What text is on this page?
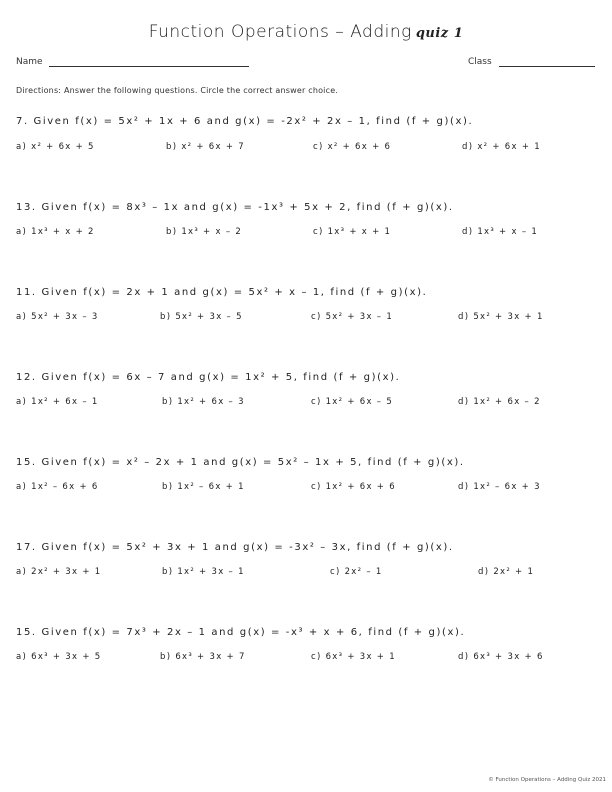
Function Operations – Adding quiz 1
Name	Class
Directions: Answer the following questions. Circle the correct answer choice.
7. Given f(x) = 5x² + 1x + 6 and g(x) = -2x² + 2x – 1, find (f + g)(x).
a) x² + 6x + 5	b) x² + 6x + 7	c) x² + 6x + 6	d) x² + 6x + 1
13. Given f(x) = 8x³ – 1x and g(x) = -1x³ + 5x + 2, find (f + g)(x).
a) 1x³ + x + 2	b) 1x³ + x – 2	c) 1x³ + x + 1	d) 1x³ + x – 1
11. Given f(x) = 2x + 1 and g(x) = 5x² + x – 1, find (f + g)(x).
a) 5x² + 3x – 3	b) 5x² + 3x – 5	c) 5x² + 3x – 1	d) 5x² + 3x + 1
12. Given f(x) = 6x – 7 and g(x) = 1x² + 5, find (f + g)(x).
a) 1x² + 6x – 1	b) 1x² + 6x – 3	c) 1x² + 6x – 5	d) 1x² + 6x – 2
15. Given f(x) = x² – 2x + 1 and g(x) = 5x² – 1x + 5, find (f + g)(x).
a) 1x² – 6x + 6	b) 1x² – 6x + 1	c) 1x² + 6x + 6	d) 1x² – 6x + 3
17. Given f(x) = 5x² + 3x + 1 and g(x) = -3x² – 3x, find (f + g)(x).
a) 2x² + 3x + 1	b) 1x² + 3x – 1	c) 2x² – 1	d) 2x² + 1
15. Given f(x) = 7x³ + 2x – 1 and g(x) = -x³ + x + 6, find (f + g)(x).
a) 6x³ + 3x + 5	b) 6x³ + 3x + 7	c) 6x³ + 3x + 1	d) 6x³ + 3x + 6
© Function Operations – Adding Quiz 2021
